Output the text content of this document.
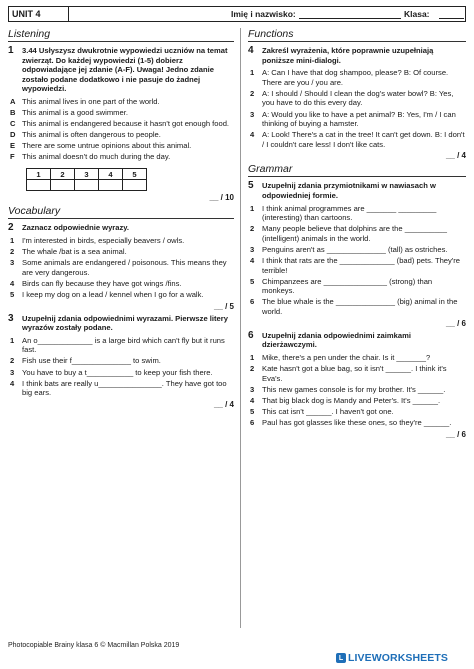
UNIT 4	Imię i nazwisko:	Klasa:
Listening
1	3.44 Usłyszysz dwukrotnie wypowiedzi uczniów na temat zwierząt. Do każdej wypowiedzi (1-5) dobierz odpowiadające jej zdanie (A-F). Uwaga! Jedno zdanie zostało podane dodatkowo i nie pasuje do żadnej wypowiedzi.
A This animal lives in one part of the world.
B This animal is a good swimmer.
C This animal is endangered because it hasn't got enough food.
D This animal is often dangerous to people.
E There are some untrue opinions about this animal.
F This animal doesn't do much during the day.
1	2	3	4	5

__ / 10
Vocabulary
2	Zaznacz odpowiednie wyrazy.
1	I'm interested in birds, especially beavers / owls.
2	The whale /bat is a sea animal.
3	Some animals are endangered / poisonous. This means they are very dangerous.
4	Birds can fly because they have got wings /fins.
5	I keep my dog on a lead / kennel when I go for a walk.
__ / 5
3	Uzupełnij zdania odpowiednimi wyrazami. Pierwsze litery wyrazów zostały podane.
1	An o_____________ is a large bird which can't fly but it runs fast.
2	Fish use their f______________ to swim.
3	You have to buy a t___________ to keep your fish there.
4	I think bats are really u_______________. They have got too big ears.
__ / 4
Functions
4	Zakreśl wyrażenia, które poprawnie uzupełniają poniższe mini-dialogi.
1	A: Can I have that dog shampoo, please? B: Of course. There are you / you are.
2	A: I should / Should I clean the dog's water bowl? B: Yes, you have to do this every day.
3	A: Would you like to have a pet animal? B: Yes, I'm / I can thinking of buying a hamster.
4	A: Look! There's a cat in the tree! It can't get down. B: I don't / I couldn't care less! I don't like cats.
__ / 4
Grammar
5	Uzupełnij zdania przymiotnikami w nawiasach w odpowiedniej formie.
1	I think animal programmes are _______ _________ (interesting) than cartoons.
2	Many people believe that dolphins are the __________ (intelligent) animals in the world.
3	Penguins aren't as ______________ (tall) as ostriches.
4	I think that rats are the _____________ (bad) pets. They're terrible!
5	Chimpanzees are _______________ (strong) than monkeys.
6	The blue whale is the ______________ (big) animal in the world.
__ / 6
6	Uzupełnij zdania odpowiednimi zaimkami dzierżawczymi.
1	Mike, there's a pen under the chair. Is it _______?
2	Kate hasn't got a blue bag, so it isn't ______. I think it's Eva's.
3	This new games console is for my brother. It's ______.
4	That big black dog is Mandy and Peter's. It's ______.
5	This cat isn't ______. I haven't got one.
6	Paul has got glasses like these ones, so they're ______.
__ / 6
Photocopiable Brainy klasa 6 © Macmillan Polska 2019
L LIVEWORKSHEETS
